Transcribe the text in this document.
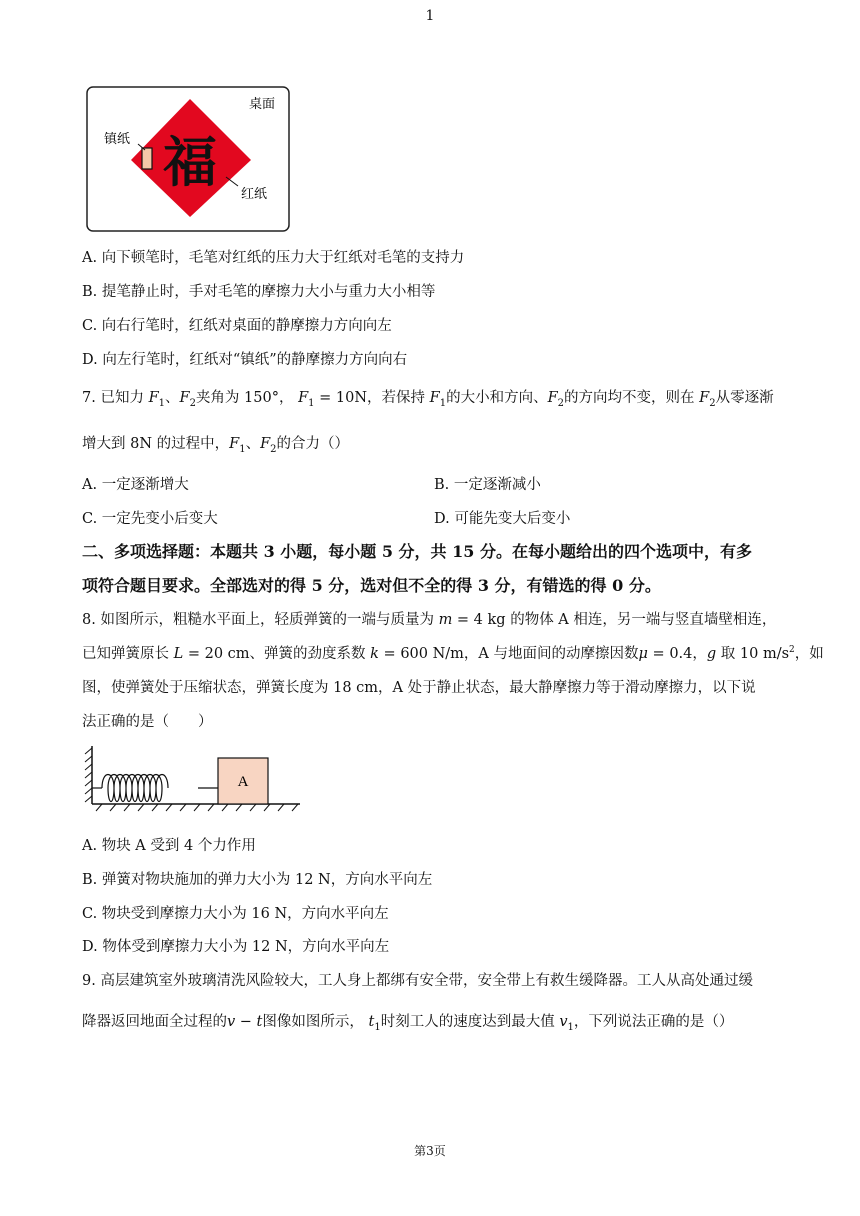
1
桌面
福
镇纸
红纸
A. 向下顿笔时，毛笔对红纸的压力大于红纸对毛笔的支持力
B. 提笔静止时，手对毛笔的摩擦力大小与重力大小相等
C. 向右行笔时，红纸对桌面的静摩擦力方向向左
D. 向左行笔时，红纸对“镇纸”的静摩擦力方向向右
7. 已知力 $F_1$、$F_2$夹角为 150°， $F_1 = 10N$，若保持 $F_1$的大小和方向、$F_2$的方向均不变，则在 $F_2$从零逐渐
增大到 8N 的过程中，$F_1$、$F_2$的合力（）
A. 一定逐渐增大	B. 一定逐渐减小
C. 一定先变小后变大	D. 可能先变大后变小
二、多项选择题：本题共 3 小题，每小题 5 分，共 15 分。在每小题给出的四个选项中，有多
项符合题目要求。全部选对的得 5 分，选对但不全的得 3 分，有错选的得 0 分。
8. 如图所示，粗糙水平面上，轻质弹簧的一端与质量为 m = 4 kg 的物体 A 相连，另一端与竖直墙壁相连，
已知弹簧原长 L = 20 cm、弹簧的劲度系数 k = 600 N/m，A 与地面间的动摩擦因数μ = 0.4，g 取 10 $m/s^2$，如
图，使弹簧处于压缩状态，弹簧长度为 18 cm，A 处于静止状态，最大静摩擦力等于滑动摩擦力，以下说
法正确的是（　　）
A
A. 物块 A 受到 4 个力作用
B. 弹簧对物块施加的弹力大小为 12 N，方向水平向左
C. 物块受到摩擦力大小为 16 N，方向水平向左
D. 物体受到摩擦力大小为 12 N，方向水平向左
9. 高层建筑室外玻璃清洗风险较大，工人身上都绑有安全带，安全带上有救生缓降器。工人从高处通过缓
降器返回地面全过程的v − t图像如图所示， $t_1$时刻工人的速度达到最大值 $v_1$，下列说法正确的是（）
第3页
